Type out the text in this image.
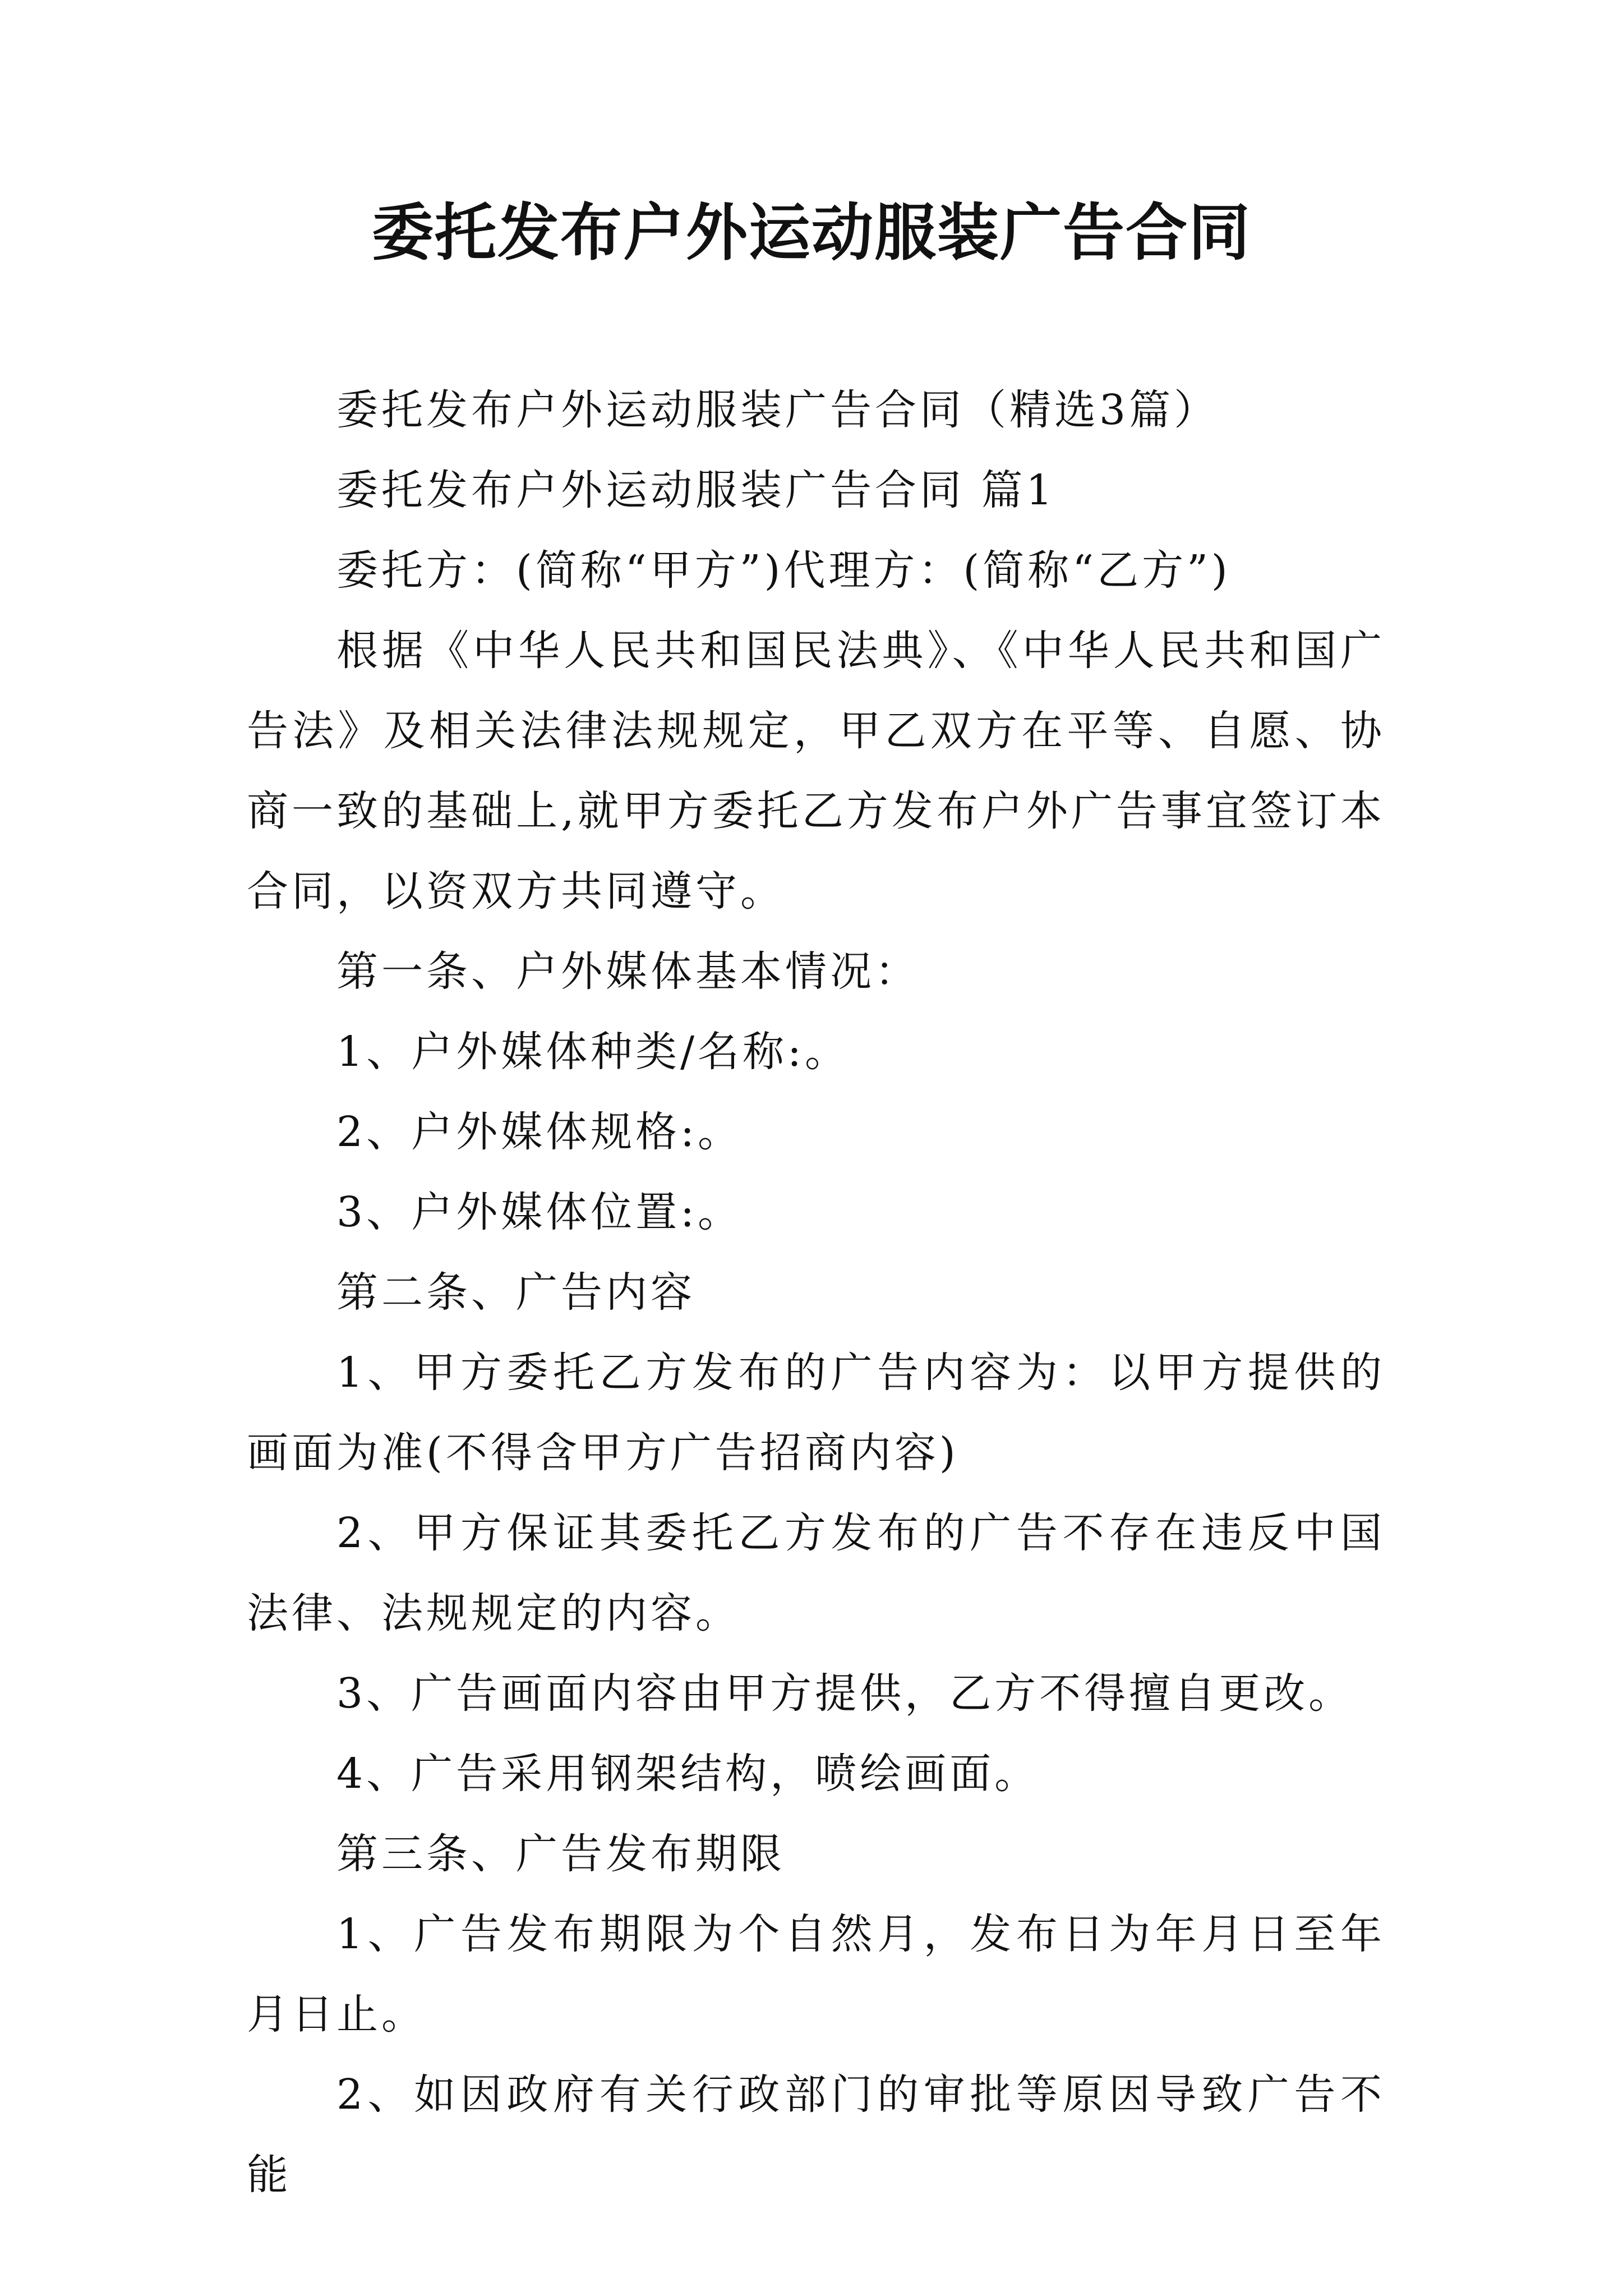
委托发布户外运动服装广告合同

委托发布户外运动服装广告合同（精选3篇）

委托发布户外运动服装广告合同 篇1

委托方：(简称“甲方”)代理方：(简称“乙方”)

根据《中华人民共和国民法典》、《中华人民共和国广告法》及相关法律法规规定，甲乙双方在平等、自愿、协商一致的基础上,就甲方委托乙方发布户外广告事宜签订本合同，以资双方共同遵守。

第一条、户外媒体基本情况：

1、户外媒体种类/名称:。

2、户外媒体规格:。

3、户外媒体位置:。

第二条、广告内容

1、甲方委托乙方发布的广告内容为：以甲方提供的画面为准(不得含甲方广告招商内容)

2、甲方保证其委托乙方发布的广告不存在违反中国法律、法规规定的内容。

3、广告画面内容由甲方提供，乙方不得擅自更改。

4、广告采用钢架结构，喷绘画面。

第三条、广告发布期限

1、广告发布期限为个自然月，发布日为年月日至年月日止。

2、如因政府有关行政部门的审批等原因导致广告不能
